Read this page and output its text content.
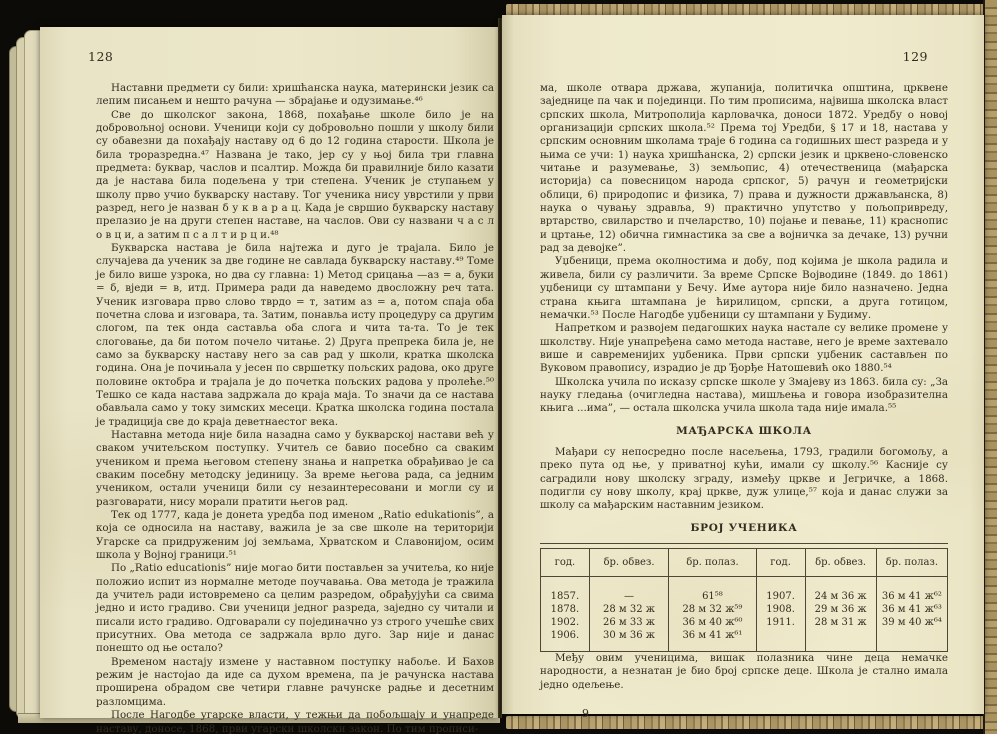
128

Наставни предмети су били: хришћанска наука, матерински језик са лепим писањем и нешто рачуна — збрајање и одузимање.⁴⁶

Све до школског закона, 1868, похађање школе било је на добровољној основи. Ученици који су добровољно пошли у школу били су обавезни да похађају наставу од 6 до 12 година старости. Школа је била троразредна.⁴⁷ Названа је тако, јер су у њој била три главна предмета: буквар, часлов и псалтир. Можда би правилније било казати да је настава била подељена у три степена. Ученик је ступањем у школу прво учио букварску наставу. Тог ученика нису уврстили у први разред, него је назван б у к в а р а ц. Када је свршио букварску наставу прелазио је на други степен наставе, на часлов. Ови су названи ч а с л о в ц и, а затим п с а л т и р ц и.⁴⁸

Букварска настава је била најтежа и дуго је трајала. Било је случајева да ученик за две године не савлада букварску наставу.⁴⁹ Томе је било више узрока, но два су главна: 1) Метод срицања —аз = а, буки = б, вједи = в, итд. Примера ради да наведемо двосложну реч тата. Ученик изговара прво слово тврдо = т, затим аз = а, потом спаја оба почетна слова и изговара, та. Затим, понавља исту процедуру са другим слогом, па тек онда саставља оба слога и чита та-та. То је тек слоговање, да би потом почело читање. 2) Друга препрека била је, не само за букварску наставу него за сав рад у школи, кратка школска година. Она је почињала у јесен по свршетку пољских радова, око друге половине октобра и трајала је до почетка пољских радова у пролеће.⁵⁰ Тешко се када настава задржала до краја маја. То значи да се настава обављала само у току зимских месеци. Кратка школска година постала је традиција све до краја деветнаестог века.

Наставна метода није била назадна само у букварској настави већ у сваком учитељском поступку. Учитељ се бавио посебно са сваким учеником и према његовом степену знања и напретка обрађивао је са сваким посебну методску јединицу. За време његова рада, са једним учеником, остали ученици били су незаинтересовани и могли су и разговарати, нису морали пратити његов рад.

Тек од 1777, када је донета уредба под именом „Ratio edukationis”, а која се односила на наставу, важила је за све школе на територији Угарске са придруженим јој земљама, Хрватском и Славонијом, осим школа у Војној граници.⁵¹

По „Ratio educationis” није могао бити постављен за учитеља, ко није положио испит из нормалне методе поучавања. Ова метода је тражила да учитељ ради истовремено са целим разредом, обрађујући са свима једно и исто градиво. Сви ученици једног разреда, заједно су читали и писали исто градиво. Одговарали су појединачно уз строго учешће свих присутних. Ова метода се задржала врло дуго. Зар није и данас понешто од ње остало?

Временом настају измене у наставном поступку набоље. И Бахов режим је настојао да иде са духом времена, па је рачунска настава проширена обрадом све четири главне рачунске радње и десетним разломцима.

После Нагодбе угарске власти, у тежњи да побољшају и унапреде наставу, доносе, 1868, први угарски школски закон. По тим прописи-

129

ма, школе отвара држава, жупанија, политичка општина, црквене заједнице па чак и појединци. По тим прописима, највиша школска власт српских школа, Митрополија карловачка, доноси 1872. Уредбу о новој организацији српских школа.⁵² Према тој Уредби, § 17 и 18, настава у српским основним школама траје 6 година са годишњих шест разреда и у њима се учи: 1) наука хришћанска, 2) српски језик и црквено-словенско читање и разумевање, 3) земљопис, 4) отечественица (мађарска историја) са повесницом народа српског, 5) рачун и геометријски облици, 6) природопис и физика, 7) права и дужности држављанска, 8) наука о чувању здравља, 9) практично упутство у пољопривреду, вртарство, свиларство и пчеларство, 10) појање и певање, 11) краснопис и цртање, 12) обична гимнастика за све а војничка за дечаке, 13) ручни рад за девојке”.

Уџбеници, према околностима и добу, под којима је школа радила и живела, били су различити. За време Српске Војводине (1849. до 1861) уџбеници су штампани у Бечу. Име аутора није било назначено. Једна страна књига штампана је ћирилицом, српски, а друга готицом, немачки.⁵³ После Нагодбе уџбеници су штампани у Будиму.

Напретком и развојем педагошких наука настале су велике промене у школству. Није унапређена само метода наставе, него је време захтевало више и савременијих уџбеника. Први српски уџбеник састављен по Вуковом правопису, израдио је др Ђорђе Натошевић око 1880.⁵⁴

Школска учила по исказу српске школе у Змајеву из 1863. била су: „За науку гледања (очигледна настава), мишљења и говора изобразителна књига ...има”, — остала школска учила школа тада није имала.⁵⁵

МАЂАРСКА ШКОЛА

Мађари су непосредно после насељења, 1793, градили богомољу, а преко пута од ње, у приватној кући, имали су школу.⁵⁶ Касније су саградили нову школску зграду, између цркве и Јегричке, а 1868. подигли су нову школу, крај цркве, дуж улице,⁵⁷ која и данас служи за школу са мађарским наставним језиком.

БРОЈ УЧЕНИКА
год.	бр. обвез.	бр. полаз.	год.	бр. обвез.	бр. полаз.
1857.	—	61⁵⁸	1907.	24 м 36 ж	36 м 41 ж⁶²
1878.	28 м 32 ж	28 м 32 ж⁵⁹	1908.	29 м 36 ж	36 м 41 ж⁶³
1902.	26 м 33 ж	36 м 40 ж⁶⁰	1911.	28 м 31 ж	39 м 40 ж⁶⁴
1906.	30 м 36 ж	36 м 41 ж⁶¹			

Међу овим ученицима, вишак полазника чине деца немачке народности, а незнатан је био број српске деце. Школа је стално имала једно одељење.

9
